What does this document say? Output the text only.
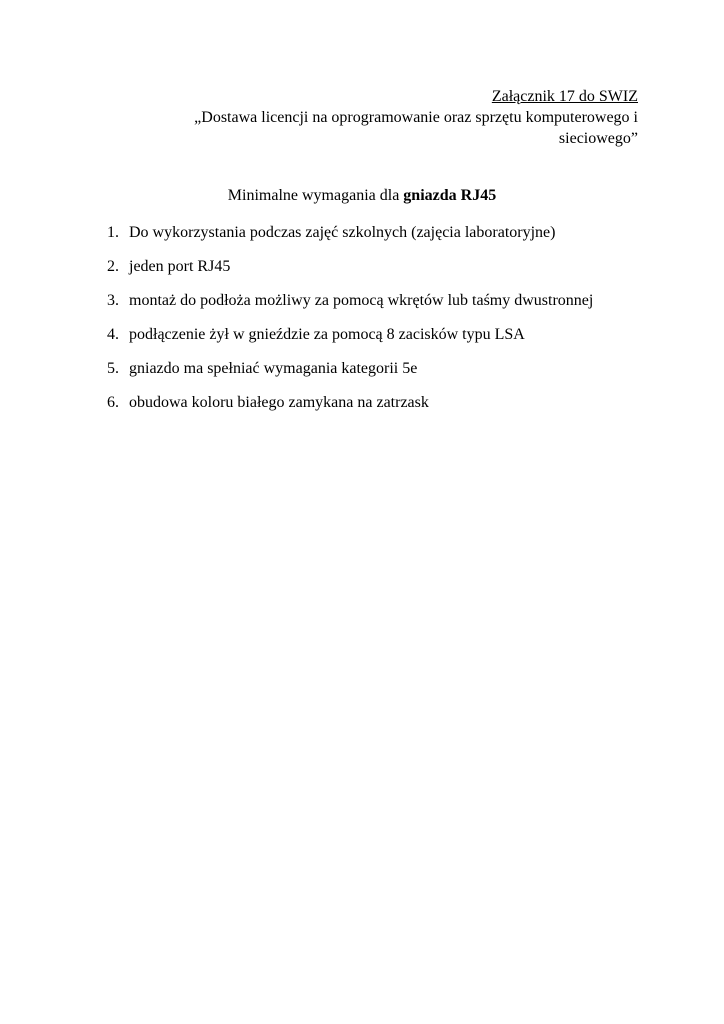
Załącznik 17 do SWIZ
„Dostawa licencji na oprogramowanie oraz sprzętu komputerowego i
sieciowego”
Minimalne wymagania dla gniazda RJ45
1. Do wykorzystania podczas zajęć szkolnych (zajęcia laboratoryjne)
2. jeden port RJ45
3. montaż do podłoża możliwy za pomocą wkrętów lub taśmy dwustronnej
4. podłączenie żył w gnieździe za pomocą 8 zacisków typu LSA
5. gniazdo ma spełniać wymagania kategorii 5e
6. obudowa koloru białego zamykana na zatrzask
